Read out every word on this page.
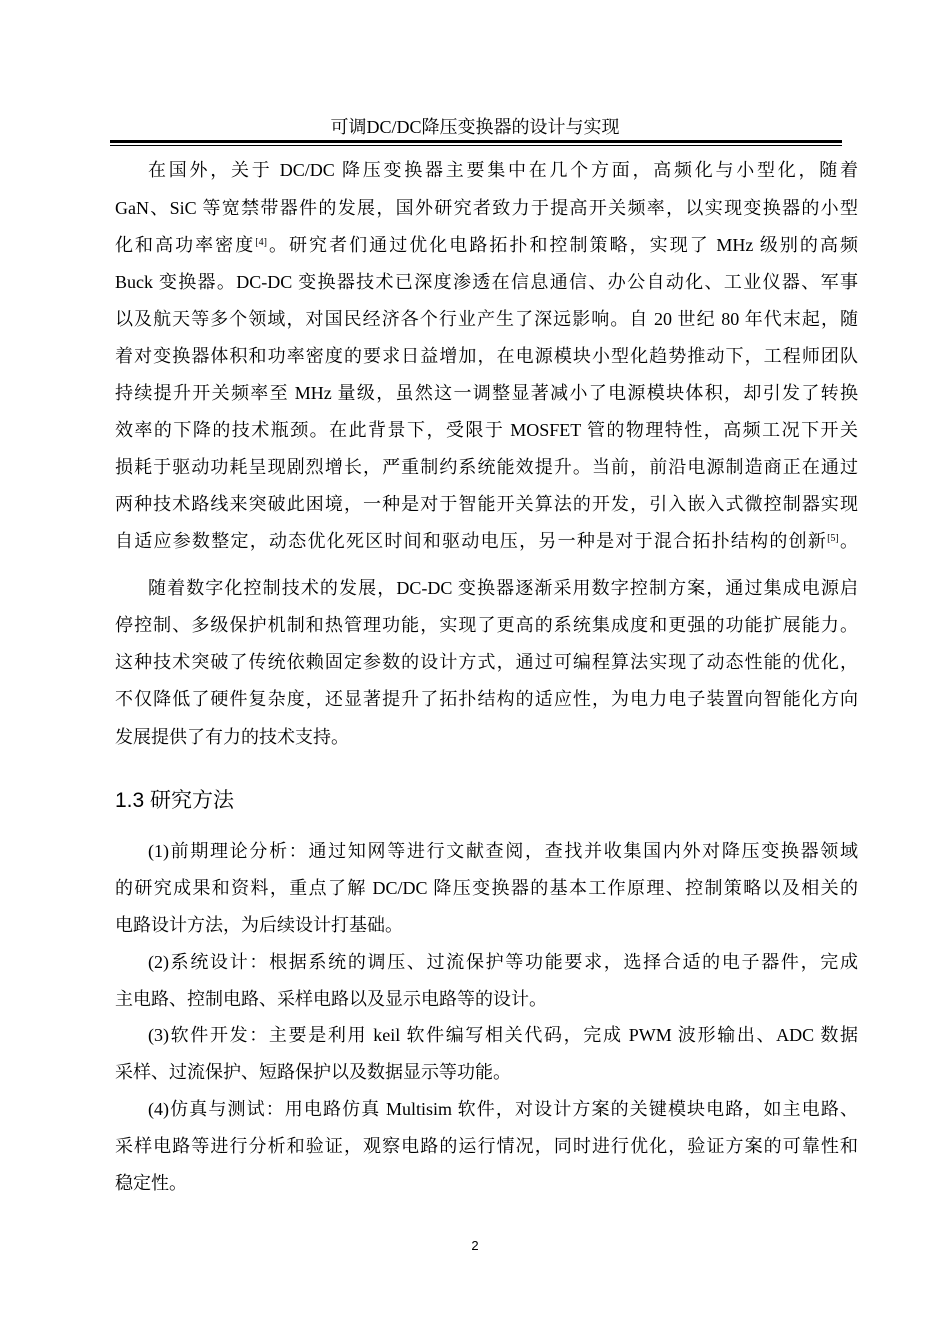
可调DC/DC降压变换器的设计与实现
在国外，关于 DC/DC 降压变换器主要集中在几个方面，高频化与小型化，随着
GaN、SiC 等宽禁带器件的发展，国外研究者致力于提高开关频率，以实现变换器的小型
化和高功率密度[4]。研究者们通过优化电路拓扑和控制策略，实现了 MHz 级别的高频
Buck 变换器。DC-DC 变换器技术已深度渗透在信息通信、办公自动化、工业仪器、军事
以及航天等多个领域，对国民经济各个行业产生了深远影响。自 20 世纪 80 年代末起，随
着对变换器体积和功率密度的要求日益增加，在电源模块小型化趋势推动下，工程师团队
持续提升开关频率至 MHz 量级，虽然这一调整显著减小了电源模块体积，却引发了转换
效率的下降的技术瓶颈。在此背景下，受限于 MOSFET 管的物理特性，高频工况下开关
损耗于驱动功耗呈现剧烈增长，严重制约系统能效提升。当前，前沿电源制造商正在通过
两种技术路线来突破此困境，一种是对于智能开关算法的开发，引入嵌入式微控制器实现
自适应参数整定，动态优化死区时间和驱动电压，另一种是对于混合拓扑结构的创新[5]。
随着数字化控制技术的发展，DC-DC 变换器逐渐采用数字控制方案，通过集成电源启
停控制、多级保护机制和热管理功能，实现了更高的系统集成度和更强的功能扩展能力。
这种技术突破了传统依赖固定参数的设计方式，通过可编程算法实现了动态性能的优化，
不仅降低了硬件复杂度，还显著提升了拓扑结构的适应性，为电力电子装置向智能化方向
发展提供了有力的技术支持。
1.3 研究方法
(1)前期理论分析：通过知网等进行文献查阅，查找并收集国内外对降压变换器领域
的研究成果和资料，重点了解 DC/DC 降压变换器的基本工作原理、控制策略以及相关的
电路设计方法，为后续设计打基础。
(2)系统设计：根据系统的调压、过流保护等功能要求，选择合适的电子器件，完成
主电路、控制电路、采样电路以及显示电路等的设计。
(3)软件开发：主要是利用 keil 软件编写相关代码，完成 PWM 波形输出、ADC 数据
采样、过流保护、短路保护以及数据显示等功能。
(4)仿真与测试：用电路仿真 Multisim 软件，对设计方案的关键模块电路，如主电路、
采样电路等进行分析和验证，观察电路的运行情况，同时进行优化，验证方案的可靠性和
稳定性。
2
